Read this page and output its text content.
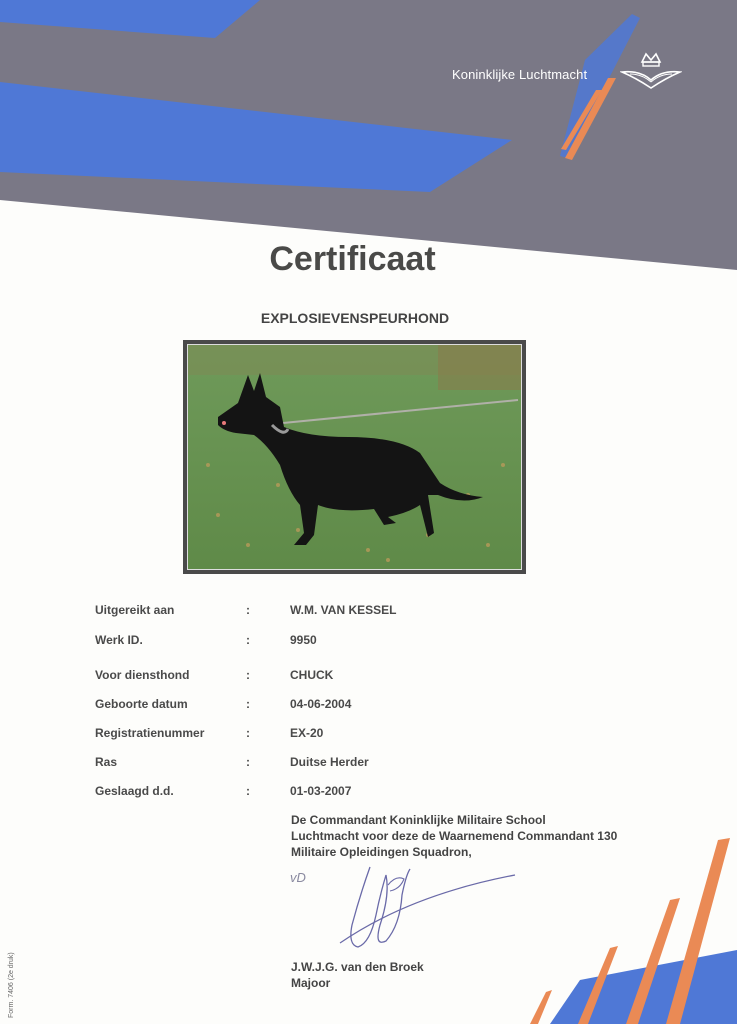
Koninklijke Luchtmacht
Certificaat
EXPLOSIEVENSPEURHOND
Uitgereikt aan	:	W.M. VAN KESSEL
Werk ID.	:	9950
Voor diensthond	:	CHUCK
Geboorte datum	:	04-06-2004
Registratienummer	:	EX-20
Ras	:	Duitse Herder
Geslaagd d.d.	:	01-03-2007
De Commandant Koninklijke Militaire School
Luchtmacht voor deze de Waarnemend Commandant 130
Militaire Opleidingen Squadron,
vD
J.W.J.G. van den Broek
Majoor
Form. 7406 (2e druk)
